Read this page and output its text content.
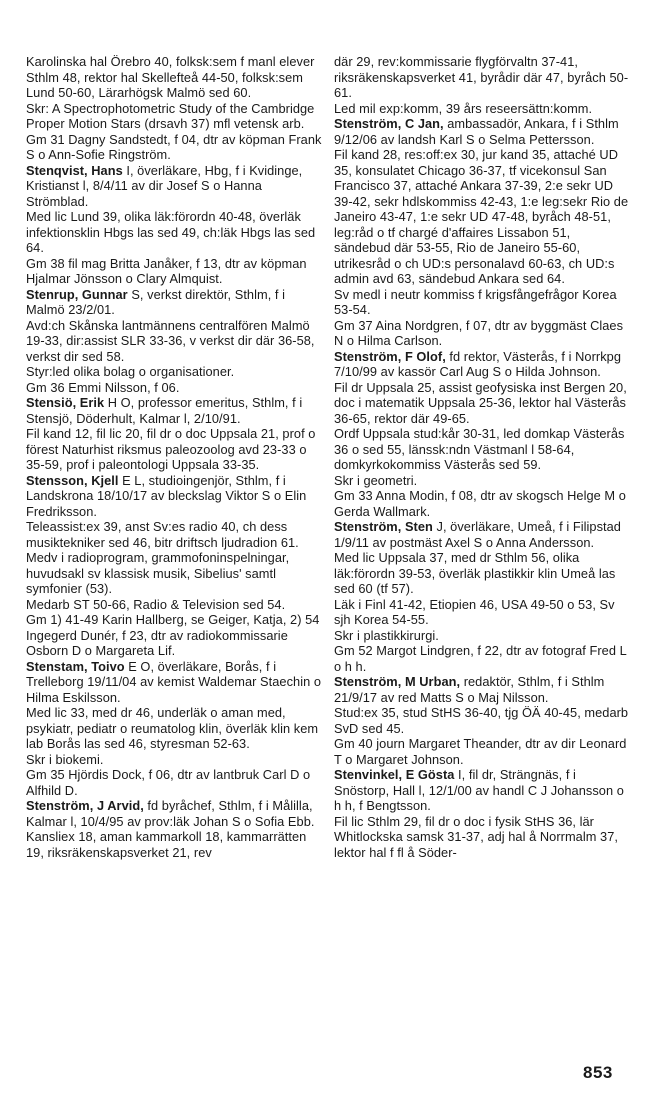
Karolinska hal Örebro 40, folksk:sem f manl elever Sthlm 48, rektor hal Skellefteå 44-50, folksk:sem Lund 50-60, Lärarhögsk Malmö sed 60.

Skr: A Spectrophotometric Study of the Cambridge Proper Motion Stars (drsavh 37) mfl vetensk arb.

Gm 31 Dagny Sandstedt, f 04, dtr av köpman Frank S o Ann-Sofie Ringström.

Stenqvist, Hans I, överläkare, Hbg, f i Kvidinge, Kristianst l, 8/4/11 av dir Josef S o Hanna Strömblad.

Med lic Lund 39, olika läk:förordn 40-48, överläk infektionsklin Hbgs las sed 49, ch:läk Hbgs las sed 64.

Gm 38 fil mag Britta Janåker, f 13, dtr av köpman Hjalmar Jönsson o Clary Almquist.

Stenrup, Gunnar S, verkst direktör, Sthlm, f i Malmö 23/2/01.

Avd:ch Skånska lantmännens centralfören Malmö 19-33, dir:assist SLR 33-36, v verkst dir där 36-58, verkst dir sed 58.

Styr:led olika bolag o organisationer.

Gm 36 Emmi Nilsson, f 06.

Stensiö, Erik H O, professor emeritus, Sthlm, f i Stensjö, Döderhult, Kalmar l, 2/10/91.

Fil kand 12, fil lic 20, fil dr o doc Uppsala 21, prof o förest Naturhist riksmus paleozoolog avd 23-33 o 35-59, prof i paleontologi Uppsala 33-35.

Stensson, Kjell E L, studioingenjör, Sthlm, f i Landskrona 18/10/17 av bleckslag Viktor S o Elin Fredriksson.

Teleassist:ex 39, anst Sv:es radio 40, ch dess musiktekniker sed 46, bitr driftsch ljudradion 61.

Medv i radioprogram, grammofoninspelningar, huvudsakl sv klassisk musik, Sibelius' samtl symfonier (53).

Medarb ST 50-66, Radio & Television sed 54.

Gm 1) 41-49 Karin Hallberg, se Geiger, Katja, 2) 54 Ingegerd Dunér, f 23, dtr av radiokommissarie Osborn D o Margareta Lif.

Stenstam, Toivo E O, överläkare, Borås, f i Trelleborg 19/11/04 av kemist Waldemar Staechin o Hilma Eskilsson.

Med lic 33, med dr 46, underläk o aman med, psykiatr, pediatr o reumatolog klin, överläk klin kem lab Borås las sed 46, styresman 52-63.

Skr i biokemi.

Gm 35 Hjördis Dock, f 06, dtr av lantbruk Carl D o Alfhild D.

Stenström, J Arvid, fd byråchef, Sthlm, f i Målilla, Kalmar l, 10/4/95 av prov:läk Johan S o Sofia Ebb.

Kansliex 18, aman kammarkoll 18, kammarrätten 19, riksräkenskapsverket 21, rev

där 29, rev:kommissarie flygförvaltn 37-41, riksräkenskapsverket 41, byrådir där 47, byråch 50-61.

Led mil exp:komm, 39 års reseersättn:komm.

Stenström, C Jan, ambassadör, Ankara, f i Sthlm 9/12/06 av landsh Karl S o Selma Pettersson.

Fil kand 28, res:off:ex 30, jur kand 35, attaché UD 35, konsulatet Chicago 36-37, tf vicekonsul San Francisco 37, attaché Ankara 37-39, 2:e sekr UD 39-42, sekr hdlskommiss 42-43, 1:e leg:sekr Rio de Janeiro 43-47, 1:e sekr UD 47-48, byråch 48-51, leg:råd o tf chargé d'affaires Lissabon 51, sändebud där 53-55, Rio de Janeiro 55-60, utrikesråd o ch UD:s personalavd 60-63, ch UD:s admin avd 63, sändebud Ankara sed 64.

Sv medl i neutr kommiss f krigsfångefrågor Korea 53-54.

Gm 37 Aina Nordgren, f 07, dtr av byggmäst Claes N o Hilma Carlson.

Stenström, F Olof, fd rektor, Västerås, f i Norrkpg 7/10/99 av kassör Carl Aug S o Hilda Johnson.

Fil dr Uppsala 25, assist geofysiska inst Bergen 20, doc i matematik Uppsala 25-36, lektor hal Västerås 36-65, rektor där 49-65.

Ordf Uppsala stud:kår 30-31, led domkap Västerås 36 o sed 55, länssk:ndn Västmanl l 58-64, domkyrkokommiss Västerås sed 59.

Skr i geometri.

Gm 33 Anna Modin, f 08, dtr av skogsch Helge M o Gerda Wallmark.

Stenström, Sten J, överläkare, Umeå, f i Filipstad 1/9/11 av postmäst Axel S o Anna Andersson.

Med lic Uppsala 37, med dr Sthlm 56, olika läk:förordn 39-53, överläk plastikkir klin Umeå las sed 60 (tf 57).

Läk i Finl 41-42, Etiopien 46, USA 49-50 o 53, Sv sjh Korea 54-55.

Skr i plastikkirurgi.

Gm 52 Margot Lindgren, f 22, dtr av fotograf Fred L o h h.

Stenström, M Urban, redaktör, Sthlm, f i Sthlm 21/9/17 av red Matts S o Maj Nilsson.

Stud:ex 35, stud StHS 36-40, tjg ÖÄ 40-45, medarb SvD sed 45.

Gm 40 journ Margaret Theander, dtr av dir Leonard T o Margaret Johnson.

Stenvinkel, E Gösta I, fil dr, Strängnäs, f i Snöstorp, Hall l, 12/1/00 av handl C J Johansson o h h, f Bengtsson.

Fil lic Sthlm 29, fil dr o doc i fysik StHS 36, lär Whitlockska samsk 31-37, adj hal å Norrmalm 37, lektor hal f fl å Söder-

853
